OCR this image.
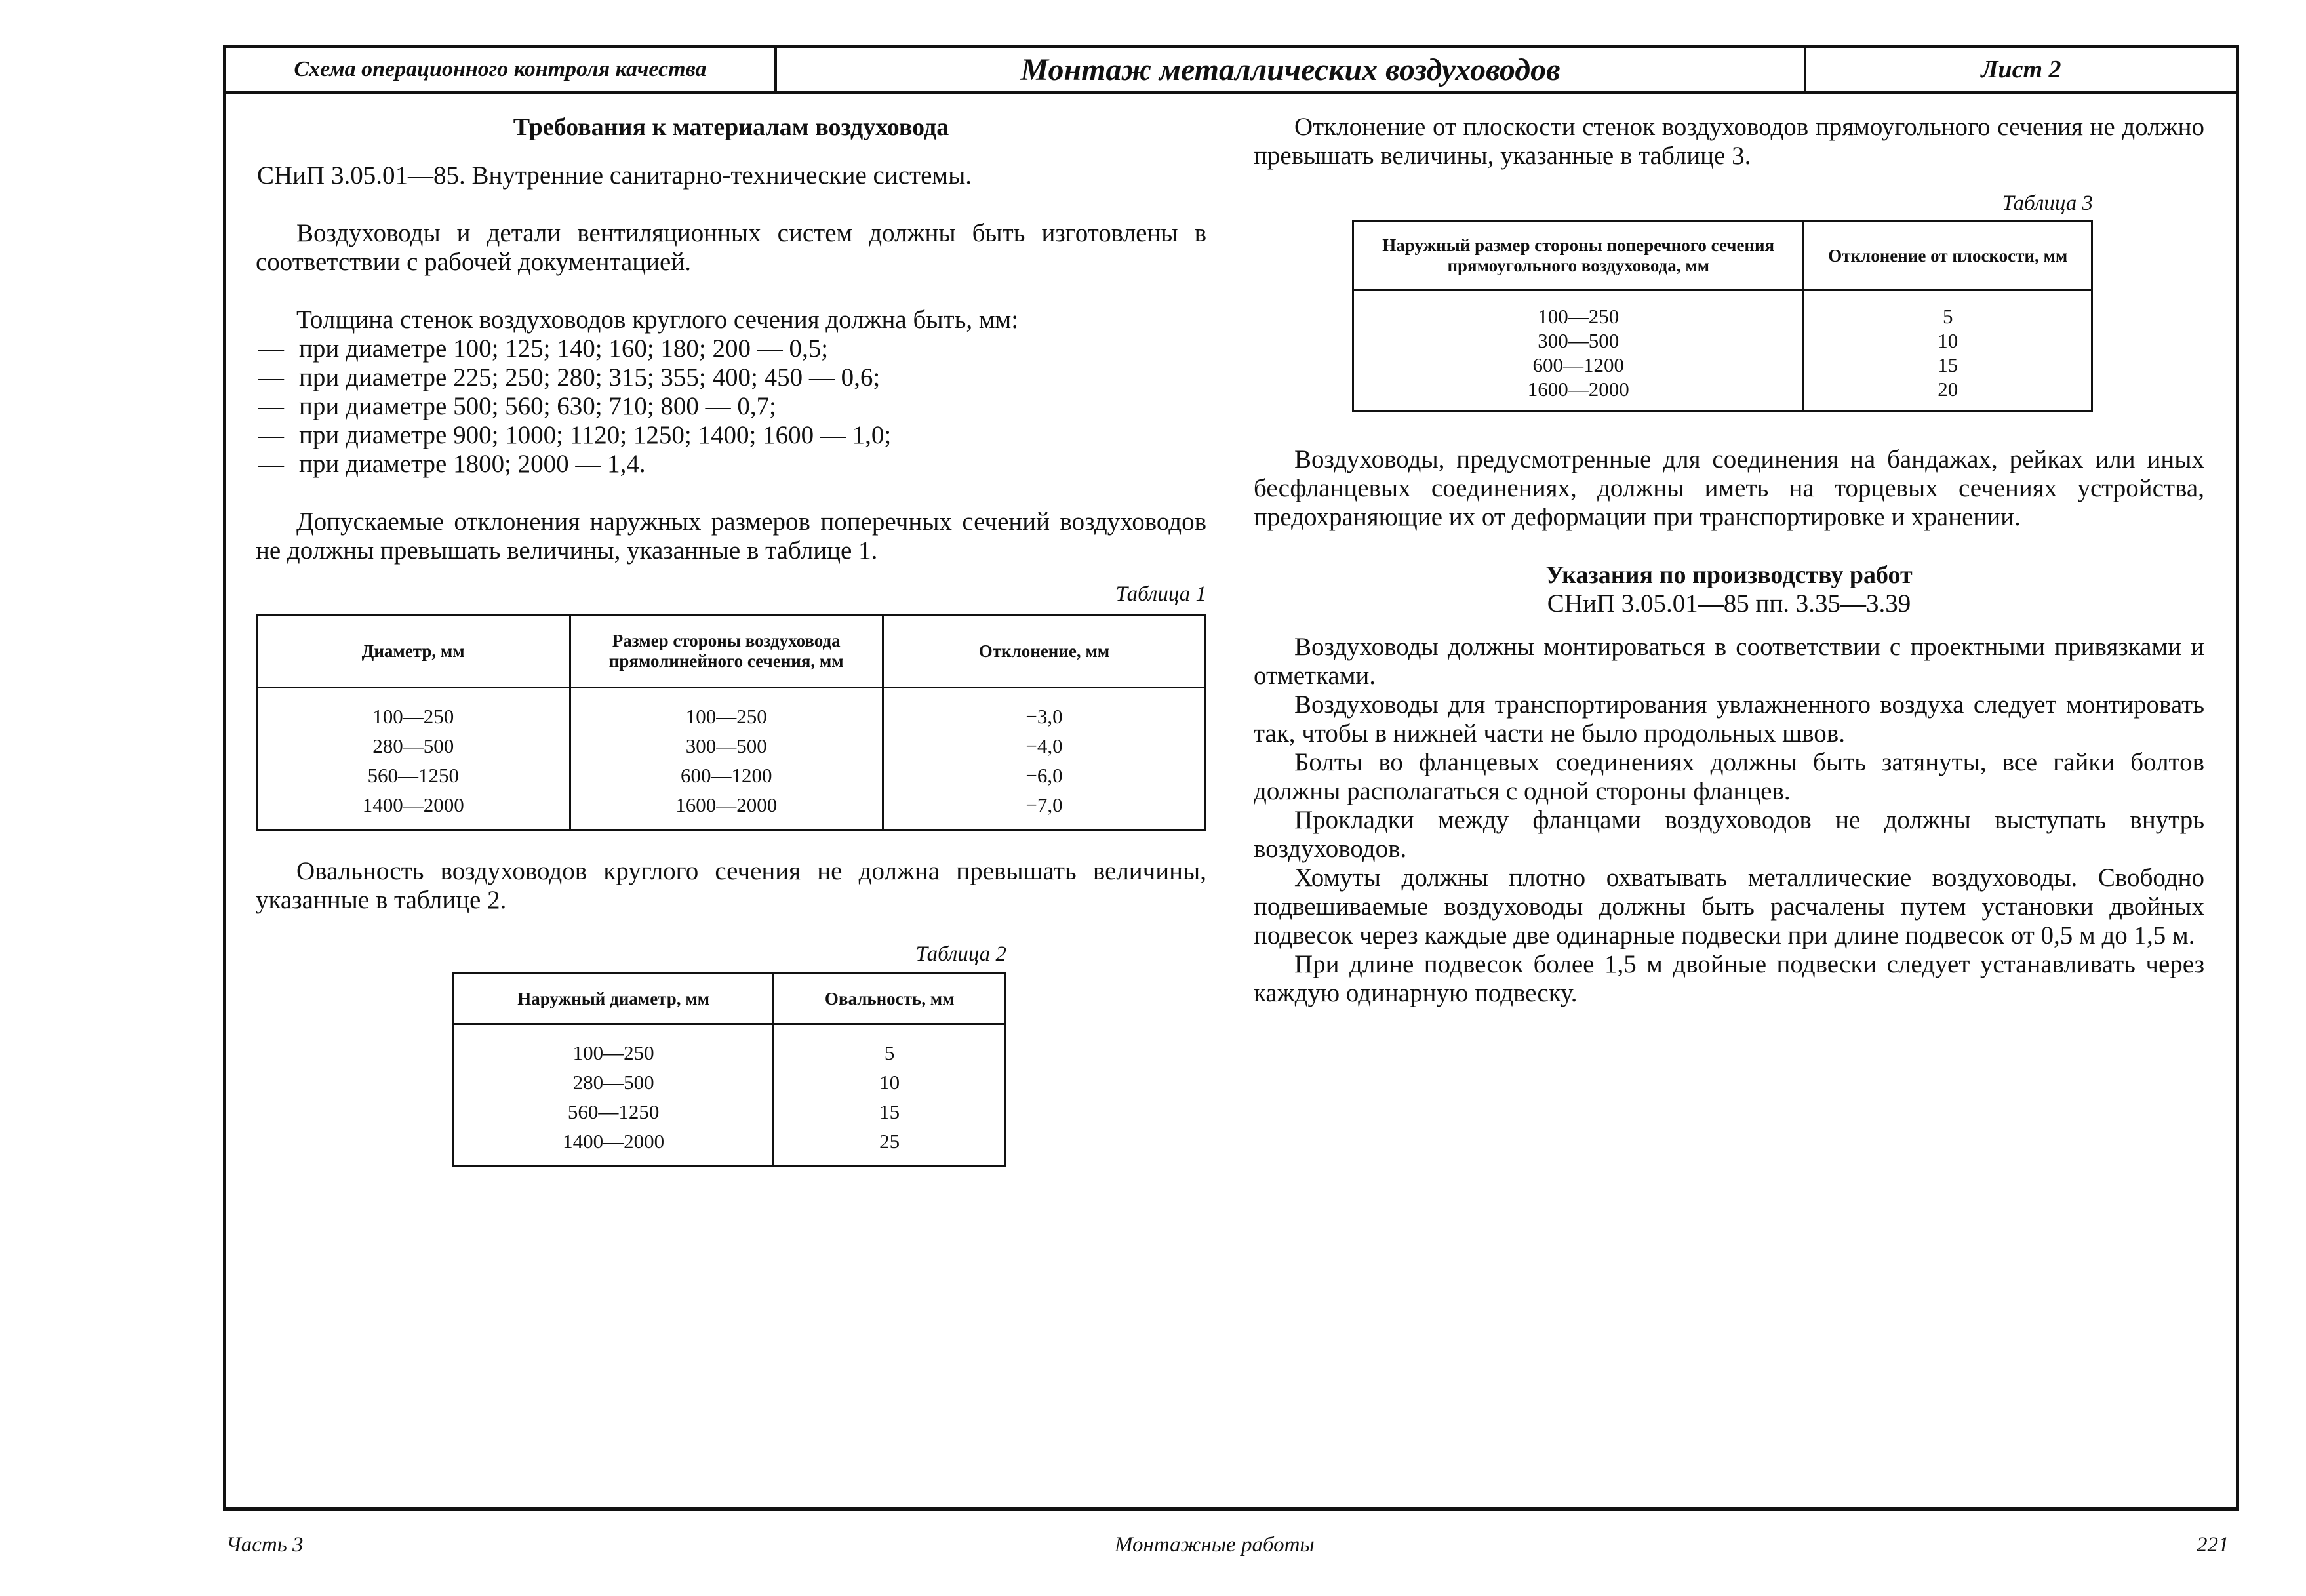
Схема операционного контроля качества	Монтаж металлических воздуховодов	Лист 2
Требования к материалам воздуховода

СНиП 3.05.01—85. Внутренние санитарно-технические системы.

Воздуховоды и детали вентиляционных систем должны быть изготовлены в соответствии с рабочей документацией.

Толщина стенок воздуховодов круглого сечения должна быть, мм:

— при диаметре 100; 125; 140; 160; 180; 200 — 0,5;
— при диаметре 225; 250; 280; 315; 355; 400; 450 — 0,6;
— при диаметре 500; 560; 630; 710; 800 — 0,7;
— при диаметре 900; 1000; 1120; 1250; 1400; 1600 — 1,0;
— при диаметре 1800; 2000 — 1,4.

Допускаемые отклонения наружных размеров поперечных сечений воздуховодов не должны превышать величины, указанные в таблице 1.

Таблица 1
Диаметр, мм	Размер стороны воздуховода прямолинейного сечения, мм	Отклонение, мм
100—250	100—250	−3,0
280—500	300—500	−4,0
560—1250	600—1200	−6,0
1400—2000	1600—2000	−7,0

Овальность воздуховодов круглого сечения не должна превышать величины, указанные в таблице 2.

Таблица 2
Наружный диаметр, мм	Овальность, мм
100—250	5
280—500	10
560—1250	15
1400—2000	25

Отклонение от плоскости стенок воздуховодов прямоугольного сечения не должно превышать величины, указанные в таблице 3.

Таблица 3
Наружный размер стороны поперечного сечения прямоугольного воздуховода, мм	Отклонение от плоскости, мм
100—250	5
300—500	10
600—1200	15
1600—2000	20

Воздуховоды, предусмотренные для соединения на бандажах, рейках или иных бесфланцевых соединениях, должны иметь на торцевых сечениях устройства, предохраняющие их от деформации при транспортировке и хранении.

Указания по производству работ
СНиП 3.05.01—85 пп. 3.35—3.39

Воздуховоды должны монтироваться в соответствии с проектными привязками и отметками.

Воздуховоды для транспортирования увлажненного воздуха следует монтировать так, чтобы в нижней части не было продольных швов.

Болты во фланцевых соединениях должны быть затянуты, все гайки болтов должны располагаться с одной стороны фланцев.

Прокладки между фланцами воздуховодов не должны выступать внутрь воздуховодов.

Хомуты должны плотно охватывать металлические воздуховоды. Свободно подвешиваемые воздуховоды должны быть расчалены путем установки двойных подвесок через каждые две одинарные подвески при длине подвесок от 0,5 м до 1,5 м.

При длине подвесок более 1,5 м двойные подвески следует устанавливать через каждую одинарную подвеску.

Часть 3	Монтажные работы	221
